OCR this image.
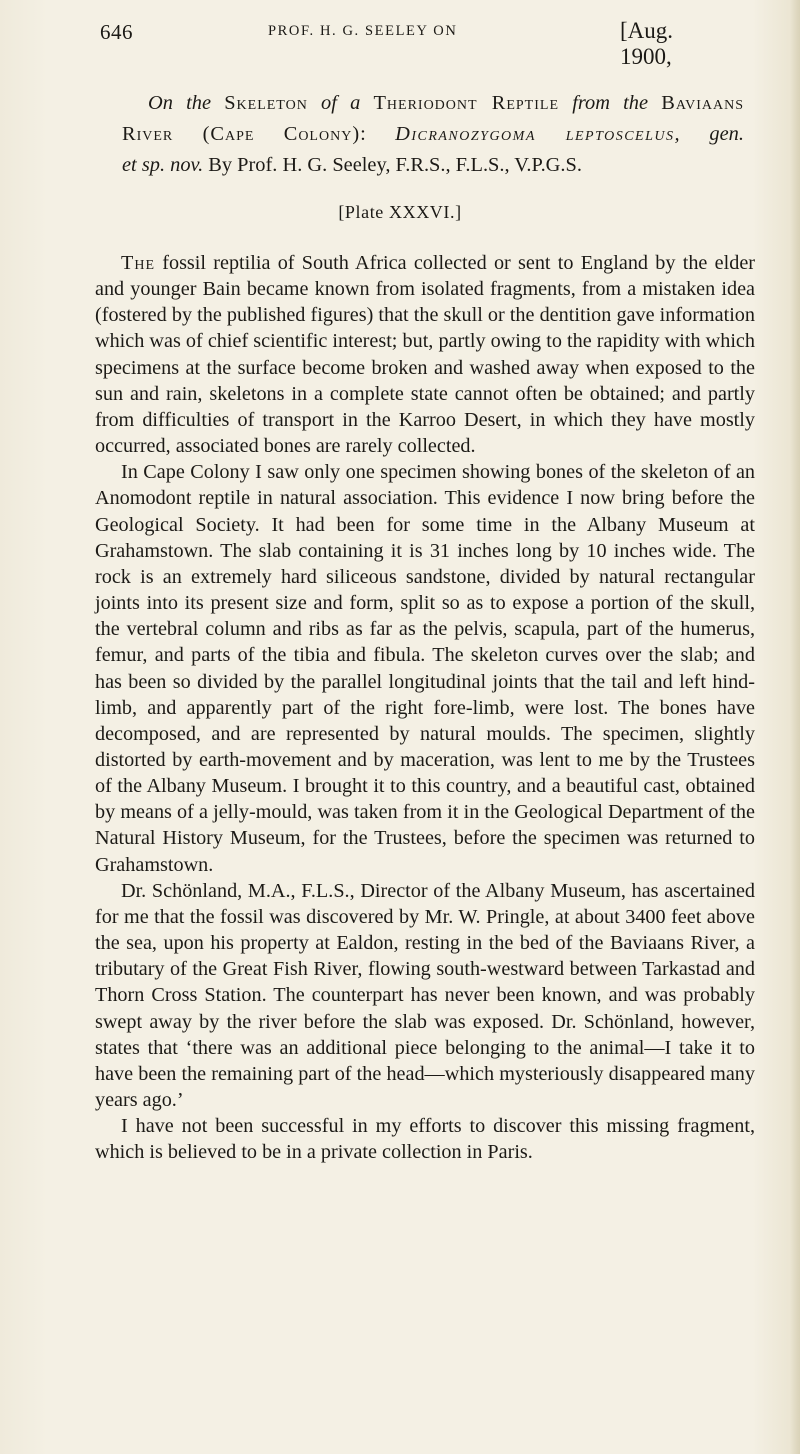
646	PROF. H. G. SEELEY ON	[Aug. 1900,
On the Skeleton of a Theriodont Reptile from the Baviaans
River (Cape Colony): Dicranozygoma leptoscelus, gen.
et sp. nov. By Prof. H. G. Seeley, F.R.S., F.L.S., V.P.G.S.
[Plate XXXVI.]

The fossil reptilia of South Africa collected or sent to England by the elder and younger Bain became known from isolated fragments, from a mistaken idea (fostered by the published figures) that the skull or the dentition gave information which was of chief scientific interest; but, partly owing to the rapidity with which specimens at the surface become broken and washed away when exposed to the sun and rain, skeletons in a complete state cannot often be obtained; and partly from difficulties of transport in the Karroo Desert, in which they have mostly occurred, associated bones are rarely collected.

In Cape Colony I saw only one specimen showing bones of the skeleton of an Anomodont reptile in natural association. This evidence I now bring before the Geological Society. It had been for some time in the Albany Museum at Grahamstown. The slab containing it is 31 inches long by 10 inches wide. The rock is an extremely hard siliceous sandstone, divided by natural rectangular joints into its present size and form, split so as to expose a portion of the skull, the vertebral column and ribs as far as the pelvis, scapula, part of the humerus, femur, and parts of the tibia and fibula. The skeleton curves over the slab; and has been so divided by the parallel longitudinal joints that the tail and left hind-limb, and apparently part of the right fore-limb, were lost. The bones have decomposed, and are represented by natural moulds. The specimen, slightly distorted by earth-movement and by maceration, was lent to me by the Trustees of the Albany Museum. I brought it to this country, and a beautiful cast, obtained by means of a jelly-mould, was taken from it in the Geological Department of the Natural History Museum, for the Trustees, before the specimen was returned to Grahamstown.

Dr. Schönland, M.A., F.L.S., Director of the Albany Museum, has ascertained for me that the fossil was discovered by Mr. W. Pringle, at about 3400 feet above the sea, upon his property at Ealdon, resting in the bed of the Baviaans River, a tributary of the Great Fish River, flowing south-westward between Tarkastad and Thorn Cross Station. The counterpart has never been known, and was probably swept away by the river before the slab was exposed. Dr. Schönland, however, states that ‘there was an additional piece belonging to the animal—I take it to have been the remaining part of the head—which mysteriously disappeared many years ago.’

I have not been successful in my efforts to discover this missing fragment, which is believed to be in a private collection in Paris.
